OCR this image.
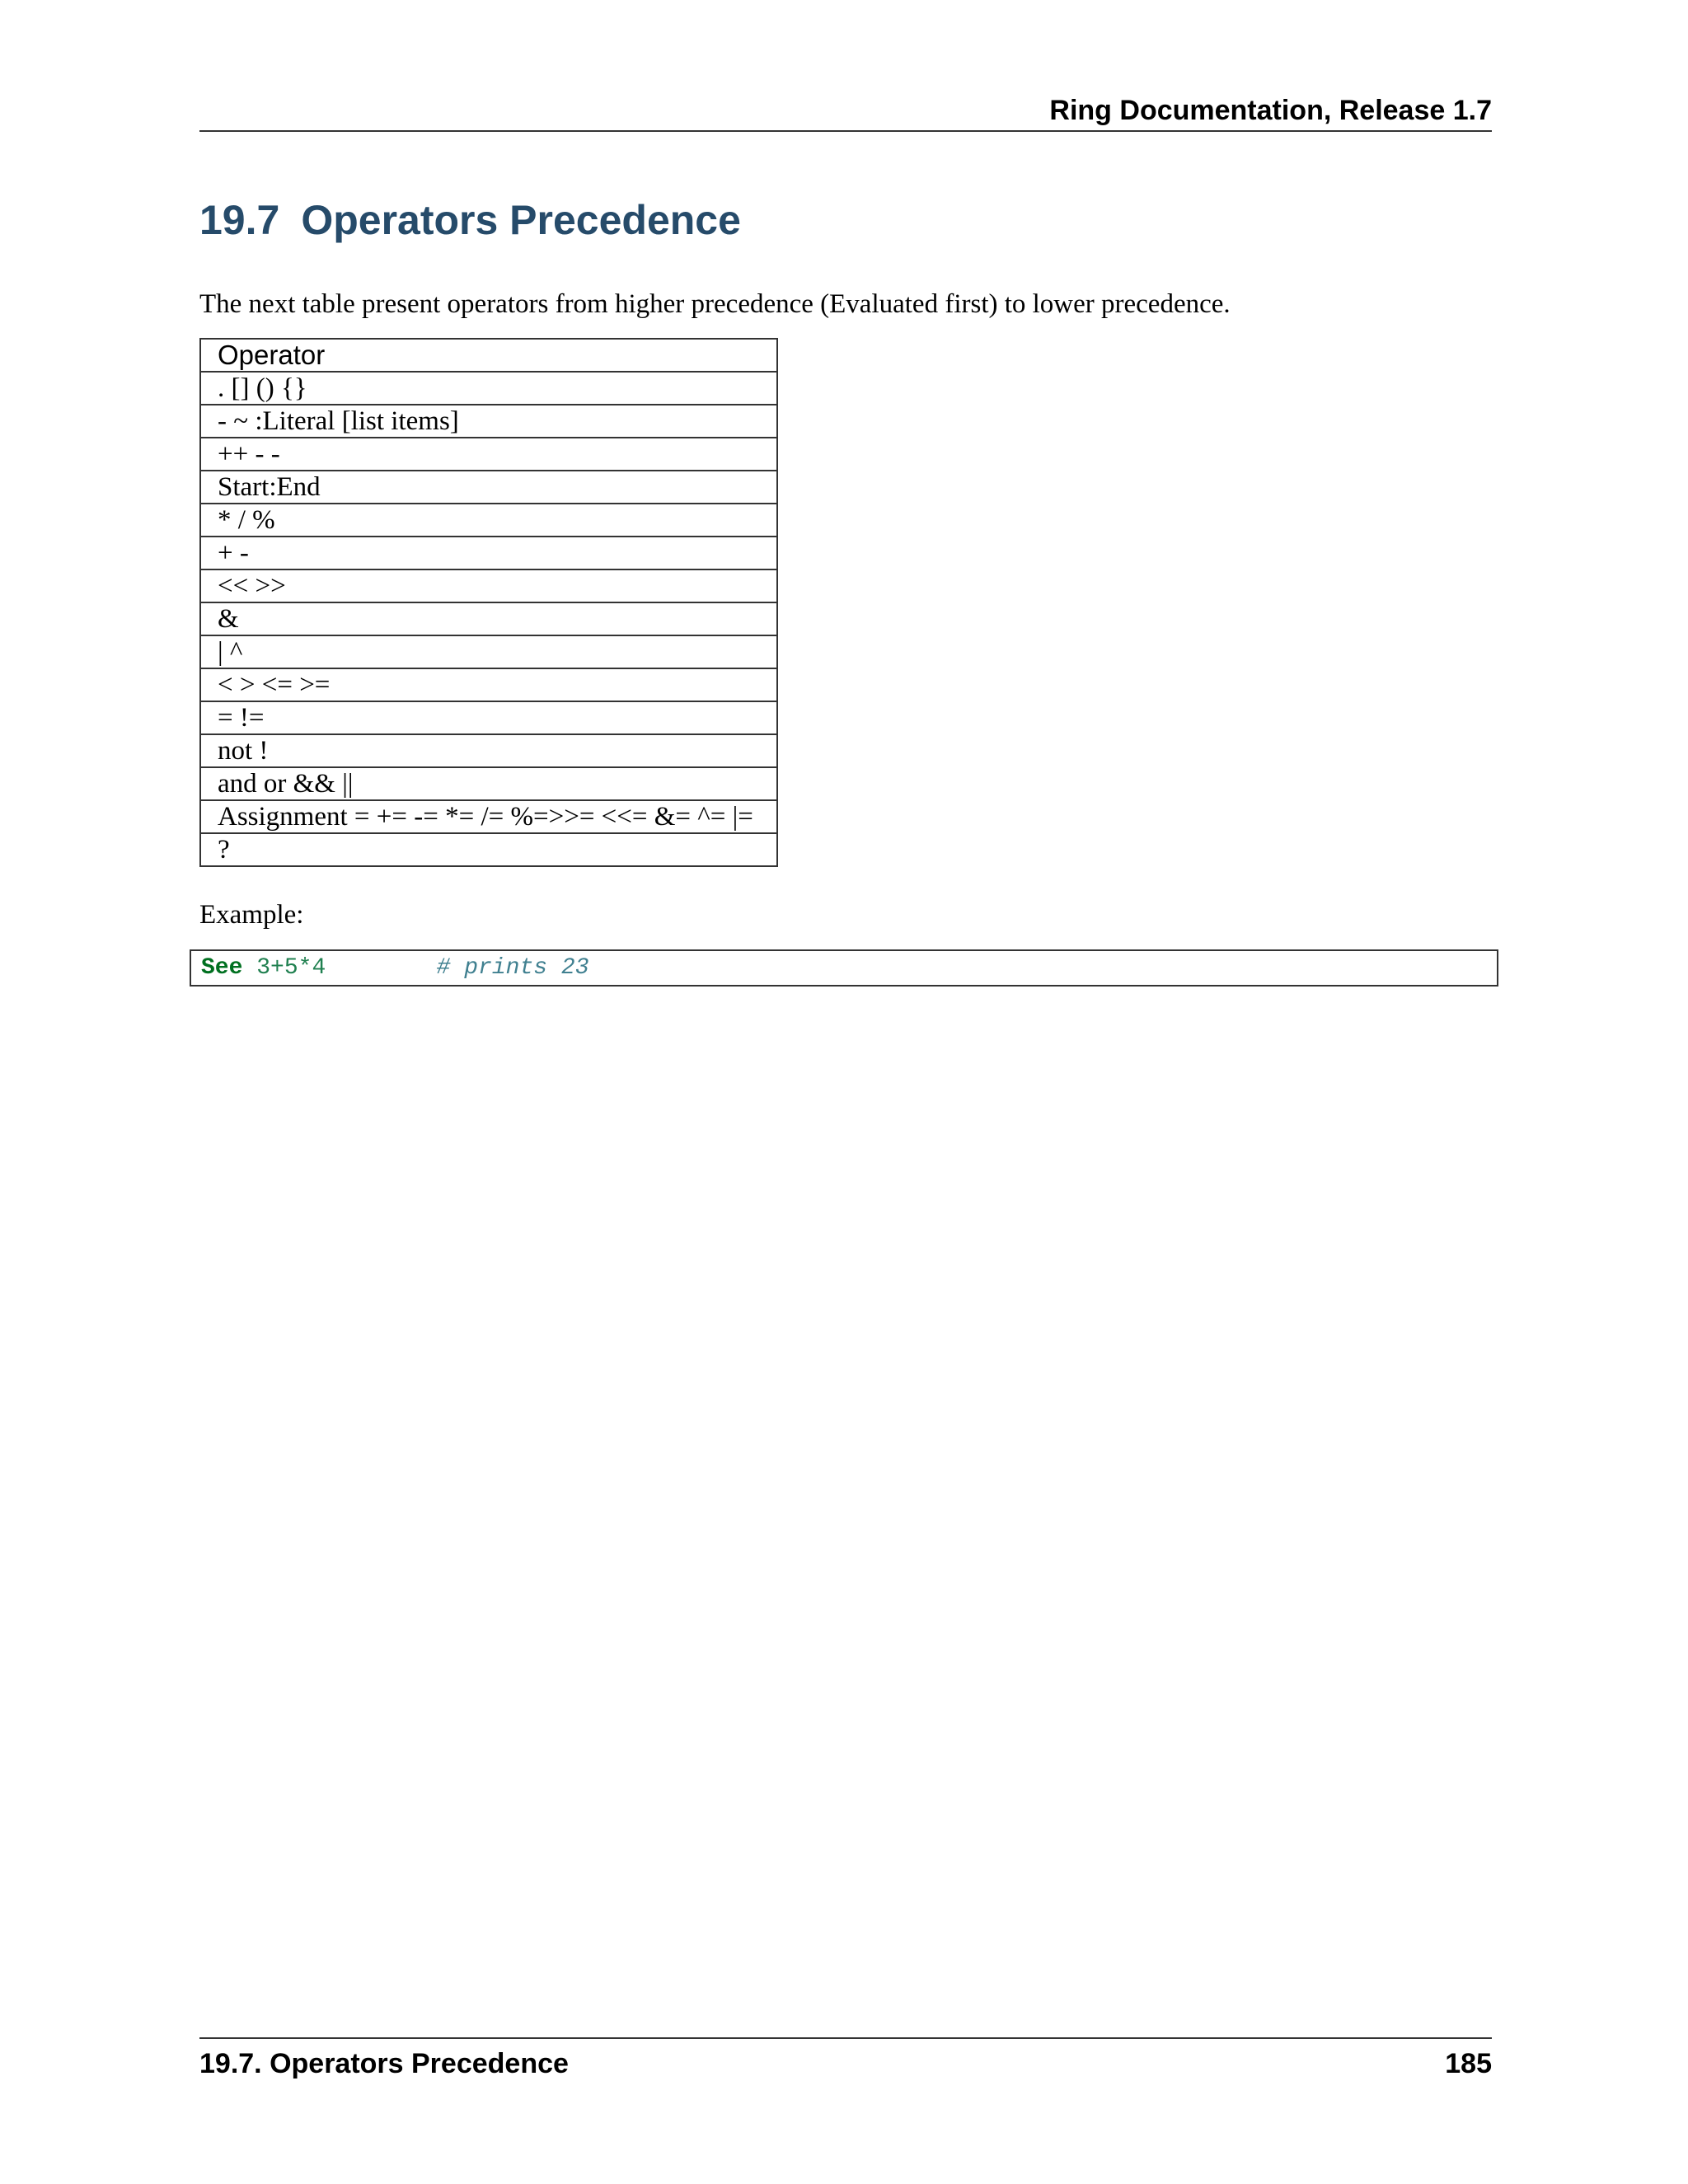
Ring Documentation, Release 1.7
19.7 Operators Precedence

The next table present operators from higher precedence (Evaluated first) to lower precedence.

Operator
. [] () {}
- ~ :Literal [list items]
++ - -
Start:End
* / %
+ -
<< >>
&
| ^
< > <= >=
= !=
not !
and or && ||
Assignment = += -= *= /= %=>>= <<= &= ^= |=
?

Example:

See 3+5*4	# prints 23
19.7. Operators Precedence	185
